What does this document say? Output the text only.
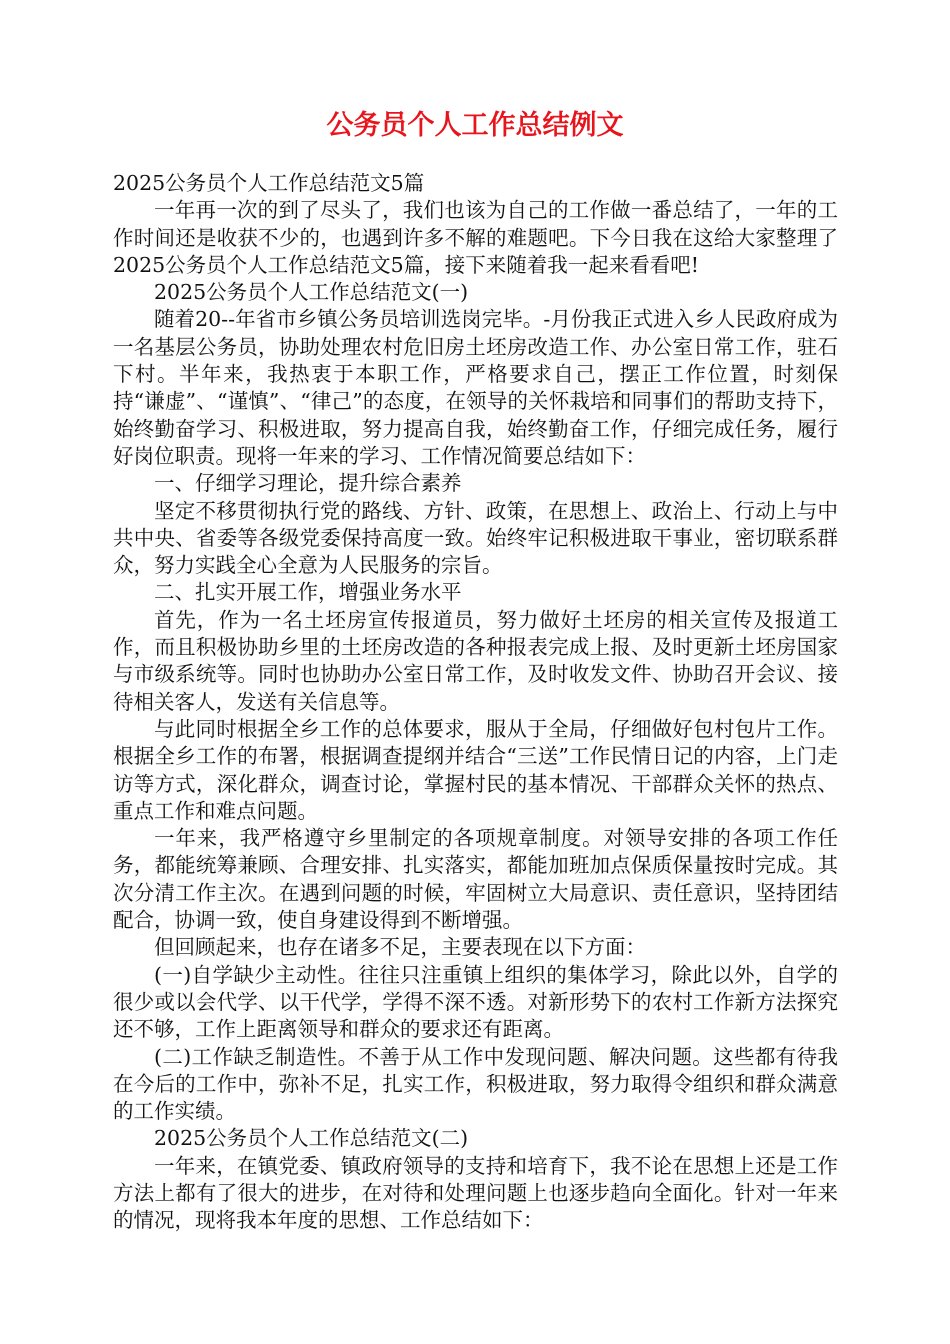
公务员个人工作总结例文

2025公务员个人工作总结范文5篇

一年再一次的到了尽头了，我们也该为自己的工作做一番总结了，一年的工作时间还是收获不少的，也遇到许多不解的难题吧。下今日我在这给大家整理了2025公务员个人工作总结范文5篇，接下来随着我一起来看看吧!

2025公务员个人工作总结范文(一)

随着20--年省市乡镇公务员培训选岗完毕。-月份我正式进入乡人民政府成为一名基层公务员，协助处理农村危旧房土坯房改造工作、办公室日常工作，驻石下村。半年来，我热衷于本职工作，严格要求自己，摆正工作位置，时刻保持“谦虚”、“谨慎”、“律己”的态度，在领导的关怀栽培和同事们的帮助支持下，始终勤奋学习、积极进取，努力提高自我，始终勤奋工作，仔细完成任务，履行好岗位职责。现将一年来的学习、工作情况简要总结如下：

一、仔细学习理论，提升综合素养

坚定不移贯彻执行党的路线、方针、政策，在思想上、政治上、行动上与中共中央、省委等各级党委保持高度一致。始终牢记积极进取干事业，密切联系群众，努力实践全心全意为人民服务的宗旨。

二、扎实开展工作，增强业务水平

首先，作为一名土坯房宣传报道员，努力做好土坯房的相关宣传及报道工作，而且积极协助乡里的土坯房改造的各种报表完成上报、及时更新土坯房国家与市级系统等。同时也协助办公室日常工作，及时收发文件、协助召开会议、接待相关客人，发送有关信息等。

与此同时根据全乡工作的总体要求，服从于全局，仔细做好包村包片工作。根据全乡工作的布署，根据调查提纲并结合“三送”工作民情日记的内容，上门走访等方式，深化群众，调查讨论，掌握村民的基本情况、干部群众关怀的热点、重点工作和难点问题。

一年来，我严格遵守乡里制定的各项规章制度。对领导安排的各项工作任务，都能统筹兼顾、合理安排、扎实落实，都能加班加点保质保量按时完成。其次分清工作主次。在遇到问题的时候，牢固树立大局意识、责任意识，坚持团结配合，协调一致，使自身建设得到不断增强。

但回顾起来，也存在诸多不足，主要表现在以下方面：

(一)自学缺少主动性。往往只注重镇上组织的集体学习，除此以外，自学的很少或以会代学、以干代学，学得不深不透。对新形势下的农村工作新方法探究还不够，工作上距离领导和群众的要求还有距离。

(二)工作缺乏制造性。不善于从工作中发现问题、解决问题。这些都有待我在今后的工作中，弥补不足，扎实工作，积极进取，努力取得令组织和群众满意的工作实绩。

2025公务员个人工作总结范文(二)

一年来，在镇党委、镇政府领导的支持和培育下，我不论在思想上还是工作方法上都有了很大的进步，在对待和处理问题上也逐步趋向全面化。针对一年来的情况，现将我本年度的思想、工作总结如下：
